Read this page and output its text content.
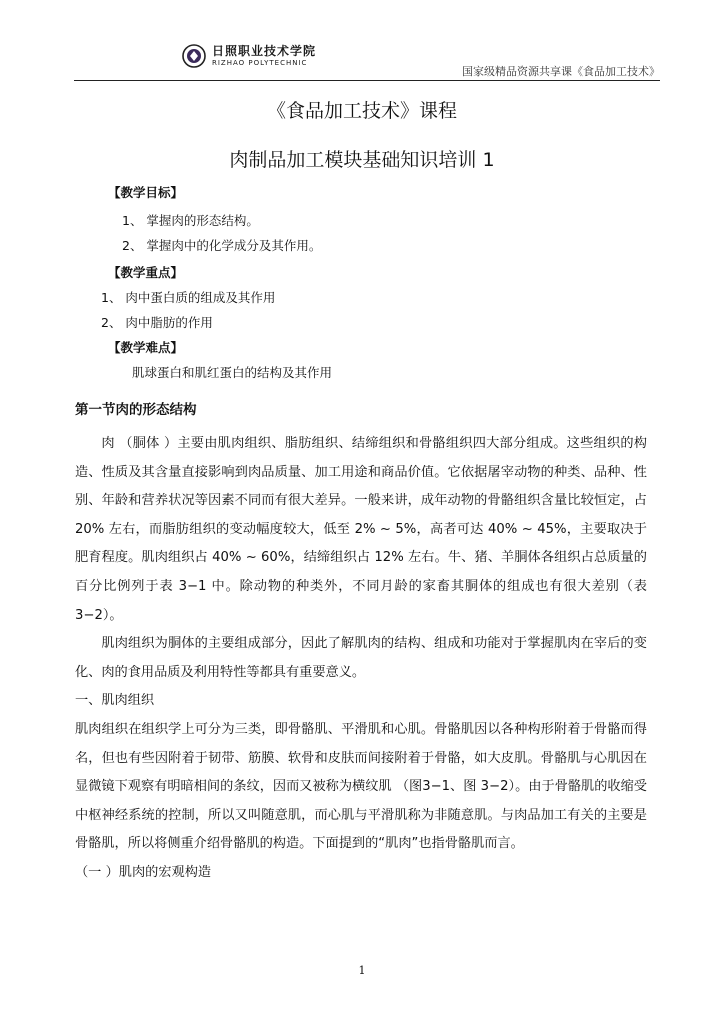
日照职业技术学院
RIZHAO POLYTECHNIC
国家级精品资源共享课《食品加工技术》
《食品加工技术》课程
肉制品加工模块基础知识培训 1
【教学目标】
1、 掌握肉的形态结构。
2、 掌握肉中的化学成分及其作用。
【教学重点】
1、 肉中蛋白质的组成及其作用
2、 肉中脂肪的作用
【教学难点】
肌球蛋白和肌红蛋白的结构及其作用
第一节肉的形态结构

肉 （胴体 ）主要由肌肉组织、脂肪组织、结缔组织和骨骼组织四大部分组成。这些组织的构造、性质及其含量直接影响到肉品质量、加工用途和商品价值。它依据屠宰动物的种类、品种、性别、年龄和营养状况等因素不同而有很大差异。一般来讲，成年动物的骨骼组织含量比较恒定，占 20% 左右，而脂肪组织的变动幅度较大，低至 2% ~ 5%，高者可达 40% ~ 45%，主要取决于肥育程度。肌肉组织占 40% ~ 60%，结缔组织占 12% 左右。牛、猪、羊胴体各组织占总质量的百分比例列于表 3−1 中。除动物的种类外，不同月龄的家畜其胴体的组成也有很大差别（表 3−2）。

肌肉组织为胴体的主要组成部分，因此了解肌肉的结构、组成和功能对于掌握肌肉在宰后的变化、肉的食用品质及利用特性等都具有重要意义。

一、肌肉组织

肌肉组织在组织学上可分为三类，即骨骼肌、平滑肌和心肌。骨骼肌因以各种构形附着于骨骼而得名，但也有些因附着于韧带、筋膜、软骨和皮肤而间接附着于骨骼，如大皮肌。骨骼肌与心肌因在显微镜下观察有明暗相间的条纹，因而又被称为横纹肌 （图3−1、图 3−2）。由于骨骼肌的收缩受中枢神经系统的控制，所以又叫随意肌，而心肌与平滑肌称为非随意肌。与肉品加工有关的主要是骨骼肌，所以将侧重介绍骨骼肌的构造。下面提到的“肌肉”也指骨骼肌而言。

（一 ）肌肉的宏观构造

1
